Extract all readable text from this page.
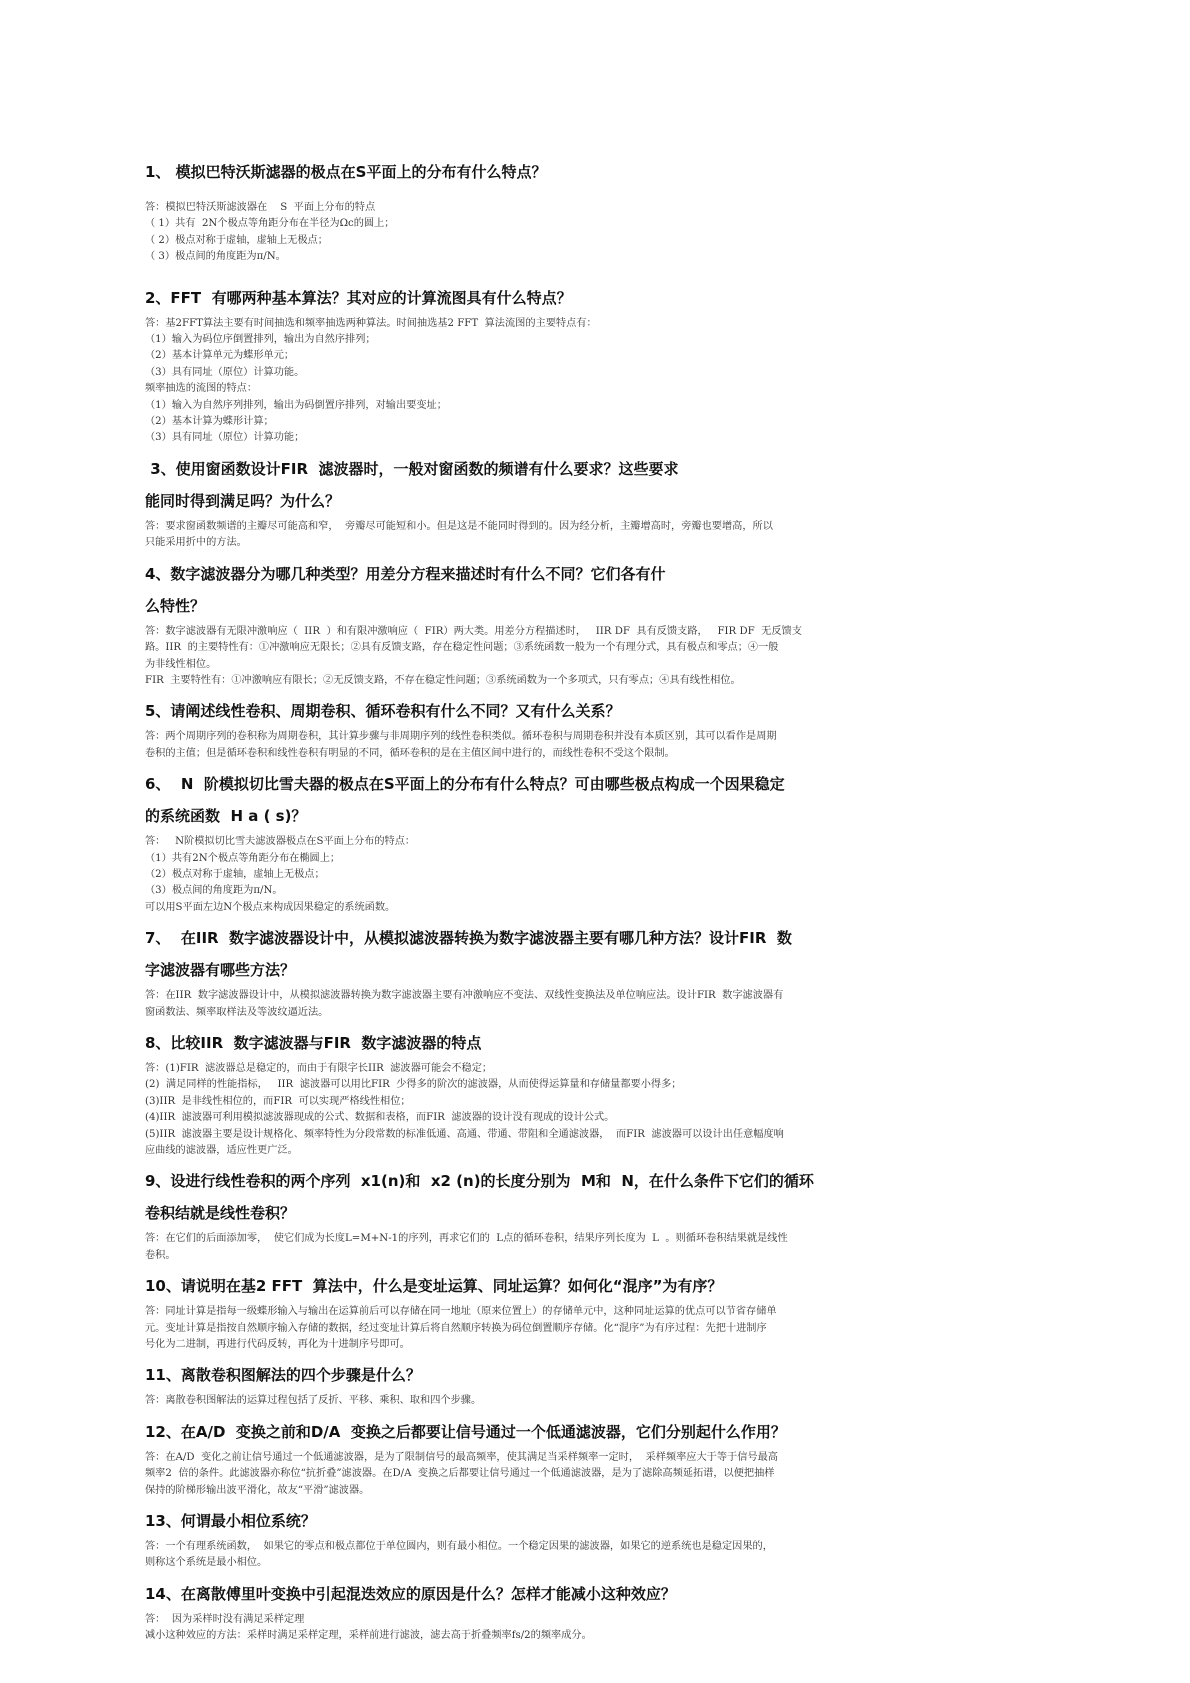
1、 模拟巴特沃斯滤器的极点在S平面上的分布有什么特点？
答：模拟巴特沃斯滤波器在    S  平面上分布的特点
（ 1）共有  2N个极点等角距分布在半径为Ωc的圆上；
（ 2）极点对称于虚轴，虚轴上无极点；
（ 3）极点间的角度距为π/N。
2、FFT  有哪两种基本算法？其对应的计算流图具有什么特点？
答：基2FFT算法主要有时间抽选和频率抽选两种算法。时间抽选基2 FFT  算法流图的主要特点有：
（1）输入为码位序倒置排列，输出为自然序排列；
（2）基本计算单元为蝶形单元；
（3）具有同址（原位）计算功能。
频率抽选的流图的特点：
（1）输入为自然序列排列，输出为码倒置序排列，对输出要变址；
（2）基本计算为蝶形计算；
（3）具有同址（原位）计算功能；
3、使用窗函数设计FIR  滤波器时，一般对窗函数的频谱有什么要求？这些要求
能同时得到满足吗？为什么？
答：要求窗函数频谱的主瓣尽可能高和窄，  旁瓣尽可能短和小。但是这是不能同时得到的。因为经分析，主瓣增高时，旁瓣也要增高，所以
只能采用折中的方法。
4、数字滤波器分为哪几种类型？用差分方程来描述时有什么不同？它们各有什
么特性？
答：数字滤波器有无限冲激响应（  IIR  ）和有限冲激响应（  FIR）两大类。用差分方程描述时，   IIR DF  具有反馈支路，   FIR DF  无反馈支
路。IIR  的主要特性有：①冲激响应无限长；②具有反馈支路，存在稳定性问题；③系统函数一般为一个有理分式，具有极点和零点；④一般
为非线性相位。
FIR  主要特性有：①冲激响应有限长；②无反馈支路，不存在稳定性问题；③系统函数为一个多项式，只有零点；④具有线性相位。
5、请阐述线性卷积、周期卷积、循环卷积有什么不同？又有什么关系？
答：两个周期序列的卷积称为周期卷积，其计算步骤与非周期序列的线性卷积类似。循环卷积与周期卷积并没有本质区别，其可以看作是周期
卷积的主值；但是循环卷积和线性卷积有明显的不同，循环卷积的是在主值区间中进行的，而线性卷积不受这个限制。
6、  N  阶模拟切比雪夫器的极点在S平面上的分布有什么特点？可由哪些极点构成一个因果稳定
的系统函数  H a ( s)？
答：   N阶模拟切比雪夫滤波器极点在S平面上分布的特点：
（1）共有2N个极点等角距分布在椭圆上；
（2）极点对称于虚轴，虚轴上无极点；
（3）极点间的角度距为π/N。
可以用S平面左边N个极点来构成因果稳定的系统函数。
7、  在IIR  数字滤波器设计中，从模拟滤波器转换为数字滤波器主要有哪几种方法？设计FIR  数
字滤波器有哪些方法？
答：在IIR  数字滤波器设计中，从模拟滤波器转换为数字滤波器主要有冲激响应不变法、双线性变换法及单位响应法。设计FIR  数字滤波器有
窗函数法、频率取样法及等波纹逼近法。
8、比较IIR  数字滤波器与FIR  数字滤波器的特点
答：(1)FIR  滤波器总是稳定的，而由于有限字长IIR  滤波器可能会不稳定；
(2)  满足同样的性能指标，   IIR  滤波器可以用比FIR  少得多的阶次的滤波器，从而使得运算量和存储量都要小得多；
(3)IIR  是非线性相位的，而FIR  可以实现严格线性相位；
(4)IIR  滤波器可利用模拟滤波器现成的公式、数据和表格，而FIR  滤波器的设计没有现成的设计公式。
(5)IIR  滤波器主要是设计规格化、频率特性为分段常数的标准低通、高通、带通、带阻和全通滤波器，  而FIR  滤波器可以设计出任意幅度响
应曲线的滤波器，适应性更广泛。
9、设进行线性卷积的两个序列  x1(n)和  x2 (n)的长度分别为  M和  N，在什么条件下它们的循环
卷积结就是线性卷积？
答：在它们的后面添加零，  使它们成为长度L=M+N-1的序列，再求它们的  L点的循环卷积，结果序列长度为  L  。则循环卷积结果就是线性
卷积。
10、请说明在基2 FFT  算法中，什么是变址运算、同址运算？如何化“混序”为有序？
答：同址计算是指每一级蝶形输入与输出在运算前后可以存储在同一地址（原来位置上）的存储单元中，这种同址运算的优点可以节省存储单
元。变址计算是指按自然顺序输入存储的数据，经过变址计算后将自然顺序转换为码位倒置顺序存储。化“混序”为有序过程：先把十进制序
号化为二进制，再进行代码反转，再化为十进制序号即可。
11、离散卷积图解法的四个步骤是什么？
答：离散卷积图解法的运算过程包括了反折、平移、乘积、取和四个步骤。
12、在A/D  变换之前和D/A  变换之后都要让信号通过一个低通滤波器，它们分别起什么作用？
答：在A/D  变化之前让信号通过一个低通滤波器，是为了限制信号的最高频率，使其满足当采样频率一定时，  采样频率应大于等于信号最高
频率2  倍的条件。此滤波器亦称位“抗折叠”滤波器。在D/A  变换之后都要让信号通过一个低通滤波器，是为了滤除高频延拓谱，以便把抽样
保持的阶梯形输出波平滑化，故友“平滑”滤波器。
13、何谓最小相位系统？
答：一个有理系统函数，  如果它的零点和极点都位于单位圆内，则有最小相位。一个稳定因果的滤波器，如果它的逆系统也是稳定因果的，
则称这个系统是最小相位。
14、在离散傅里叶变换中引起混迭效应的原因是什么？怎样才能减小这种效应？
答：  因为采样时没有满足采样定理
减小这种效应的方法：采样时满足采样定理，采样前进行滤波，滤去高于折叠频率fs/2的频率成分。
